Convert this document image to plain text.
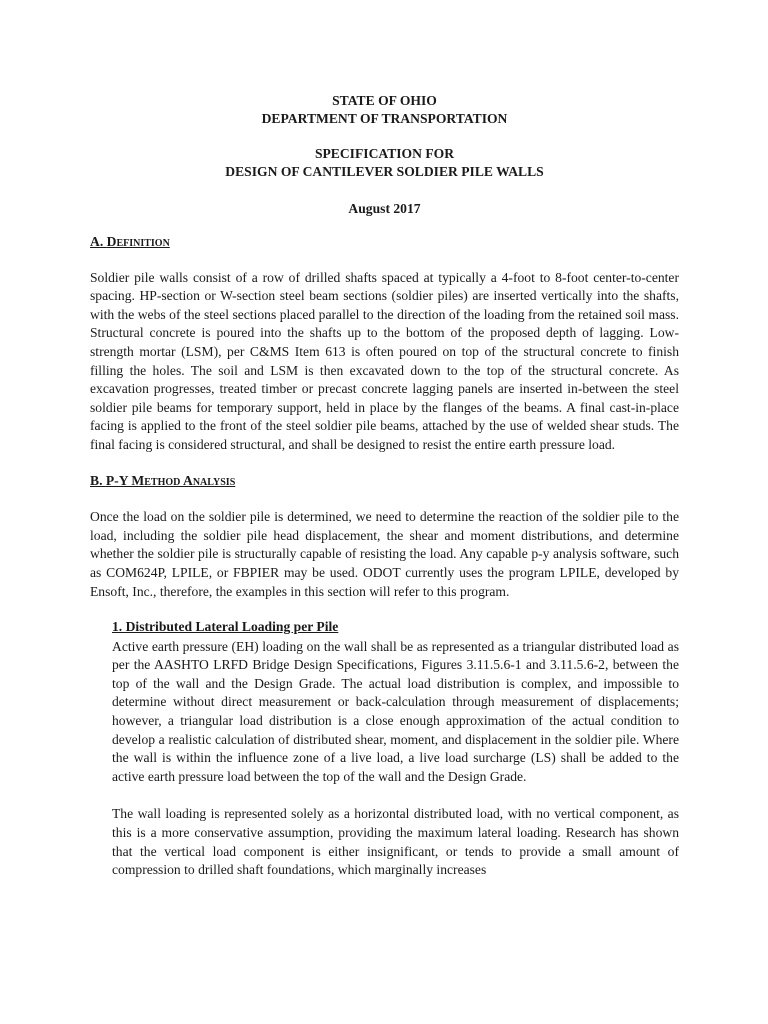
STATE OF OHIO

DEPARTMENT OF TRANSPORTATION

SPECIFICATION FOR

DESIGN OF CANTILEVER SOLDIER PILE WALLS

August 2017

A. Definition

Soldier pile walls consist of a row of drilled shafts spaced at typically a 4-foot to 8-foot center-to-center spacing. HP-section or W-section steel beam sections (soldier piles) are inserted vertically into the shafts, with the webs of the steel sections placed parallel to the direction of the loading from the retained soil mass. Structural concrete is poured into the shafts up to the bottom of the proposed depth of lagging. Low-strength mortar (LSM), per C&MS Item 613 is often poured on top of the structural concrete to finish filling the holes. The soil and LSM is then excavated down to the top of the structural concrete. As excavation progresses, treated timber or precast concrete lagging panels are inserted in-between the steel soldier pile beams for temporary support, held in place by the flanges of the beams. A final cast-in-place facing is applied to the front of the steel soldier pile beams, attached by the use of welded shear studs. The final facing is considered structural, and shall be designed to resist the entire earth pressure load.

B. P-Y Method Analysis

Once the load on the soldier pile is determined, we need to determine the reaction of the soldier pile to the load, including the soldier pile head displacement, the shear and moment distributions, and determine whether the soldier pile is structurally capable of resisting the load. Any capable p-y analysis software, such as COM624P, LPILE, or FBPIER may be used. ODOT currently uses the program LPILE, developed by Ensoft, Inc., therefore, the examples in this section will refer to this program.

1. Distributed Lateral Loading per Pile

Active earth pressure (EH) loading on the wall shall be as represented as a triangular distributed load as per the AASHTO LRFD Bridge Design Specifications, Figures 3.11.5.6-1 and 3.11.5.6-2, between the top of the wall and the Design Grade. The actual load distribution is complex, and impossible to determine without direct measurement or back-calculation through measurement of displacements; however, a triangular load distribution is a close enough approximation of the actual condition to develop a realistic calculation of distributed shear, moment, and displacement in the soldier pile. Where the wall is within the influence zone of a live load, a live load surcharge (LS) shall be added to the active earth pressure load between the top of the wall and the Design Grade.

The wall loading is represented solely as a horizontal distributed load, with no vertical component, as this is a more conservative assumption, providing the maximum lateral loading. Research has shown that the vertical load component is either insignificant, or tends to provide a small amount of compression to drilled shaft foundations, which marginally increases
